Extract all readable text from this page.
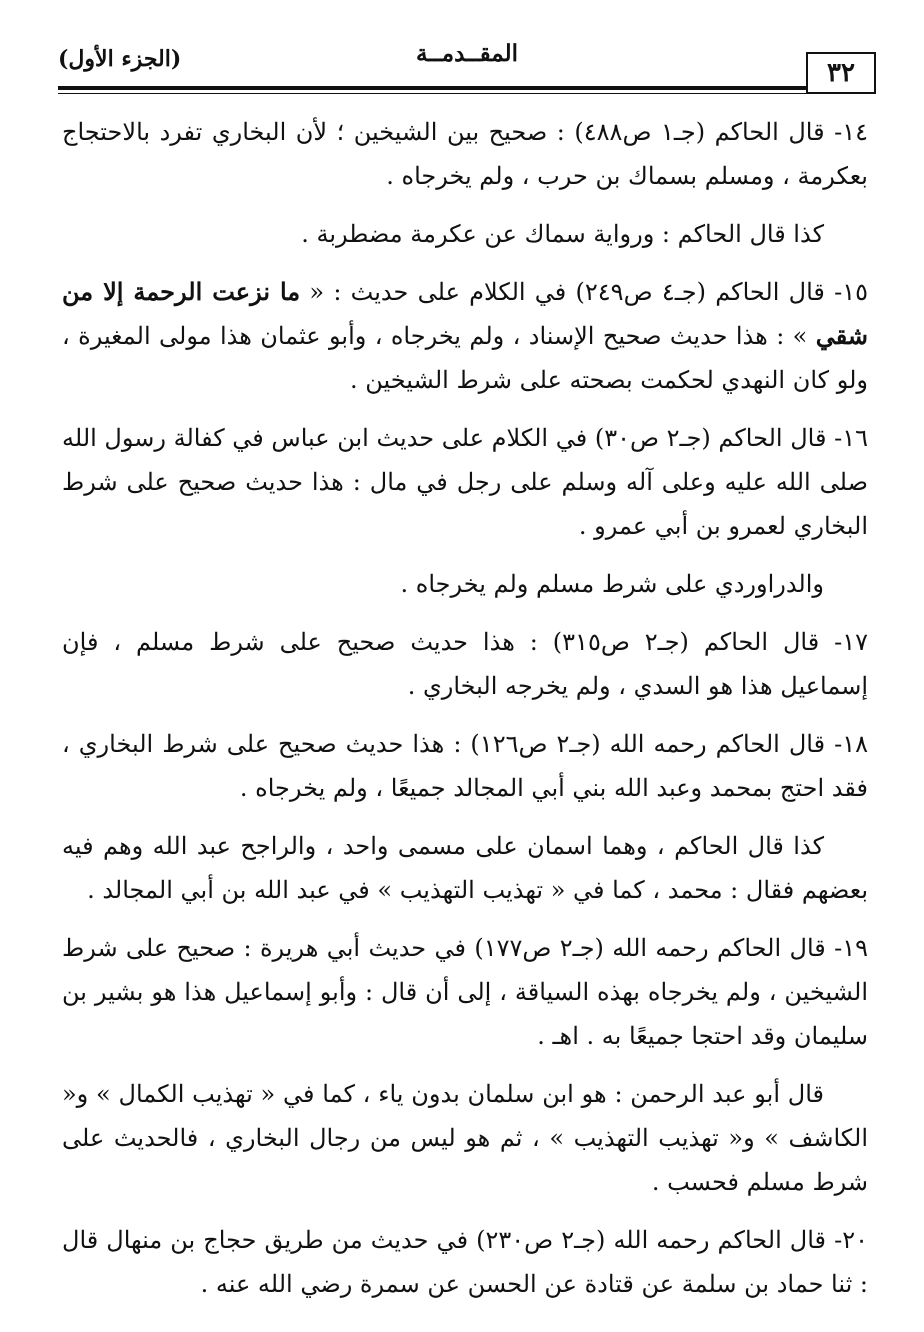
(الجزء الأول)	المقــدمــة
٣٢

١٤- قال الحاكم (جـ١ ص٤٨٨) : صحيح بين الشيخين ؛ لأن البخاري تفرد بالاحتجاج بعكرمة ، ومسلم بسماك بن حرب ، ولم يخرجاه .

كذا قال الحاكم : ورواية سماك عن عكرمة مضطربة .

١٥- قال الحاكم (جـ٤ ص٢٤٩) في الكلام على حديث : « ما نزعت الرحمة إلا من شقي » : هذا حديث صحيح الإسناد ، ولم يخرجاه ، وأبو عثمان هذا مولى المغيرة ، ولو كان النهدي لحكمت بصحته على شرط الشيخين .

١٦- قال الحاكم (جـ٢ ص٣٠) في الكلام على حديث ابن عباس في كفالة رسول الله صلى الله عليه وعلى آله وسلم على رجل في مال : هذا حديث صحيح على شرط البخاري لعمرو بن أبي عمرو .

والدراوردي على شرط مسلم ولم يخرجاه .

١٧- قال الحاكم (جـ٢ ص٣١٥) : هذا حديث صحيح على شرط مسلم ، فإن إسماعيل هذا هو السدي ، ولم يخرجه البخاري .

١٨- قال الحاكم رحمه الله (جـ٢ ص١٢٦) : هذا حديث صحيح على شرط البخاري ، فقد احتج بمحمد وعبد الله بني أبي المجالد جميعًا ، ولم يخرجاه .

كذا قال الحاكم ، وهما اسمان على مسمى واحد ، والراجح عبد الله وهم فيه بعضهم فقال : محمد ، كما في « تهذيب التهذيب » في عبد الله بن أبي المجالد .

١٩- قال الحاكم رحمه الله (جـ٢ ص١٧٧) في حديث أبي هريرة : صحيح على شرط الشيخين ، ولم يخرجاه بهذه السياقة ، إلى أن قال : وأبو إسماعيل هذا هو بشير بن سليمان وقد احتجا جميعًا به . اهـ .

قال أبو عبد الرحمن : هو ابن سلمان بدون ياء ، كما في « تهذيب الكمال » و« الكاشف » و« تهذيب التهذيب » ، ثم هو ليس من رجال البخاري ، فالحديث على شرط مسلم فحسب .

٢٠- قال الحاكم رحمه الله (جـ٢ ص٢٣٠) في حديث من طريق حجاج بن منهال قال : ثنا حماد بن سلمة عن قتادة عن الحسن عن سمرة رضي الله عنه .
